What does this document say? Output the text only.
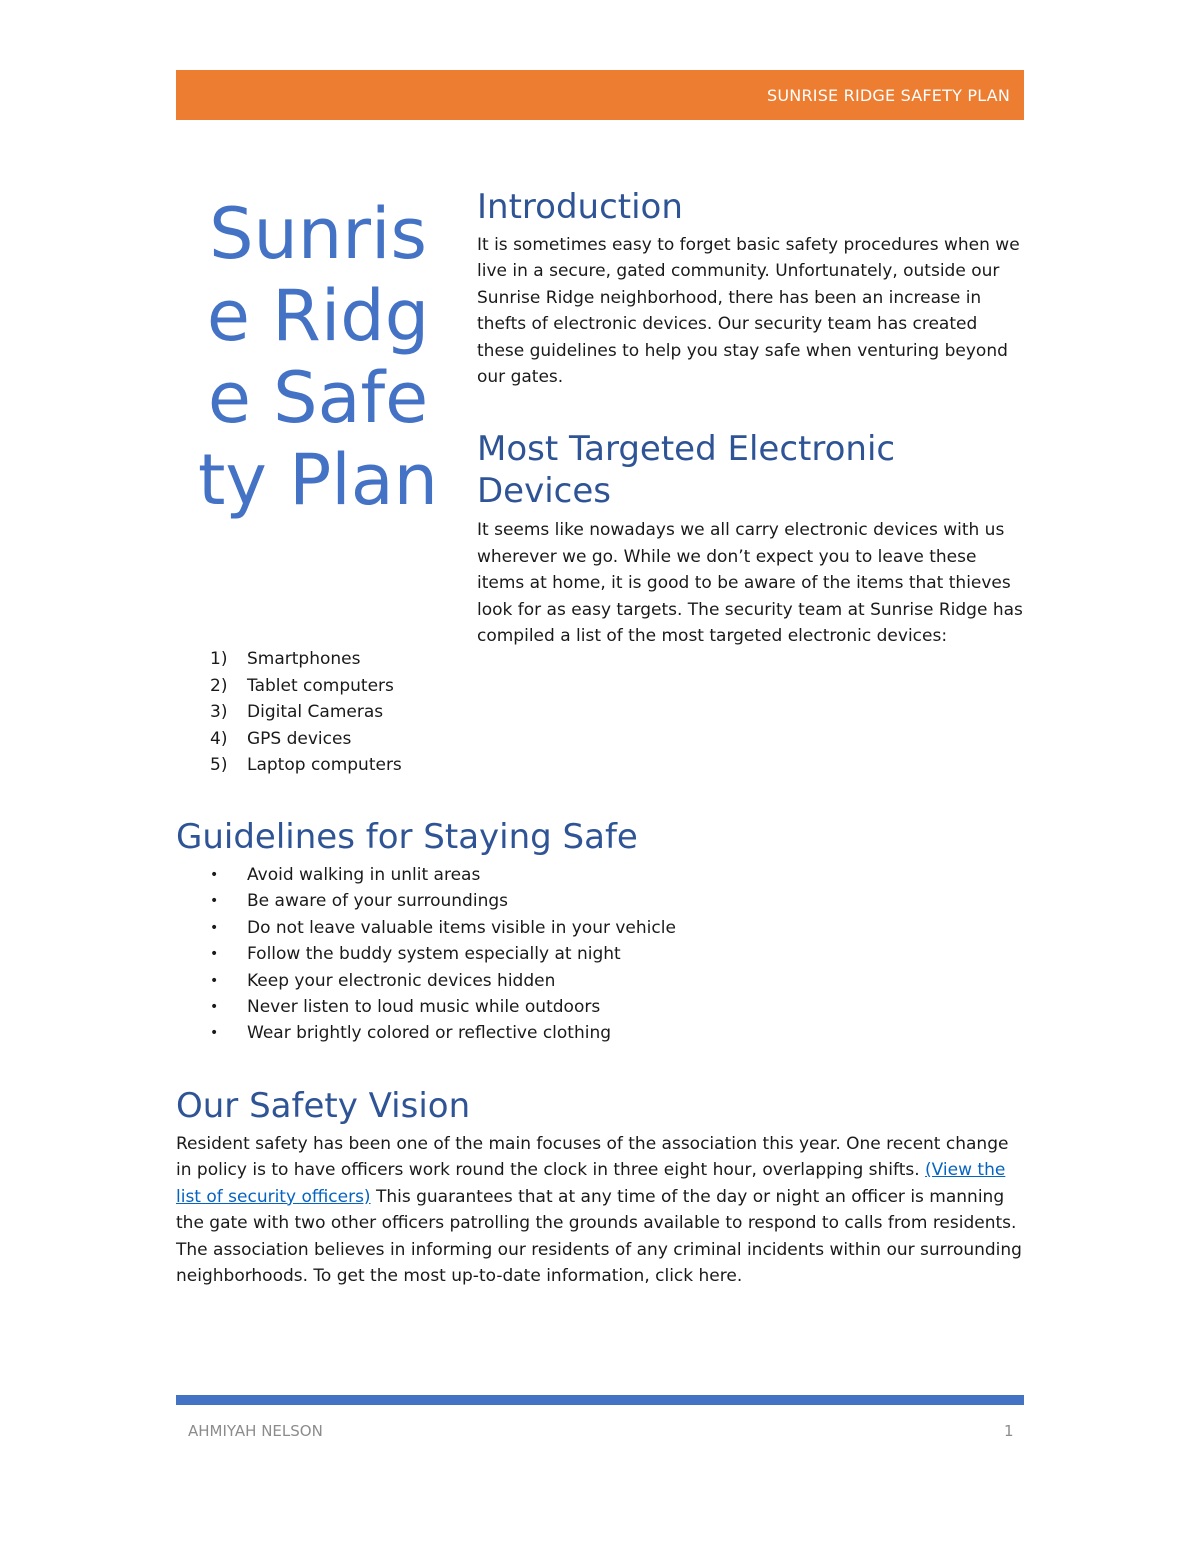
SUNRISE RIDGE SAFETY PLAN
Sunrise Ridge Safety Plan
1)	Smartphones
2)	Tablet computers
3)	Digital Cameras
4)	GPS devices
5)	Laptop computers
Introduction

It is sometimes easy to forget basic safety procedures when we live in a secure, gated community. Unfortunately, outside our Sunrise Ridge neighborhood, there has been an increase in thefts of electronic devices. Our security team has created these guidelines to help you stay safe when venturing beyond our gates.

Most Targeted Electronic Devices

It seems like nowadays we all carry electronic devices with us wherever we go. While we don’t expect you to leave these items at home, it is good to be aware of the items that thieves look for as easy targets. The security team at Sunrise Ridge has compiled a list of the most targeted electronic devices:

Guidelines for Staying Safe
•	Avoid walking in unlit areas
•	Be aware of your surroundings
•	Do not leave valuable items visible in your vehicle
•	Follow the buddy system especially at night
•	Keep your electronic devices hidden
•	Never listen to loud music while outdoors
•	Wear brightly colored or reflective clothing
Our Safety Vision

Resident safety has been one of the main focuses of the association this year. One recent change in policy is to have officers work round the clock in three eight hour, overlapping shifts. (View the list of security officers) This guarantees that at any time of the day or night an officer is manning the gate with two other officers patrolling the grounds available to respond to calls from residents.

The association believes in informing our residents of any criminal incidents within our surrounding neighborhoods. To get the most up-to-date information, click here.

AHMIYAH NELSON	1
